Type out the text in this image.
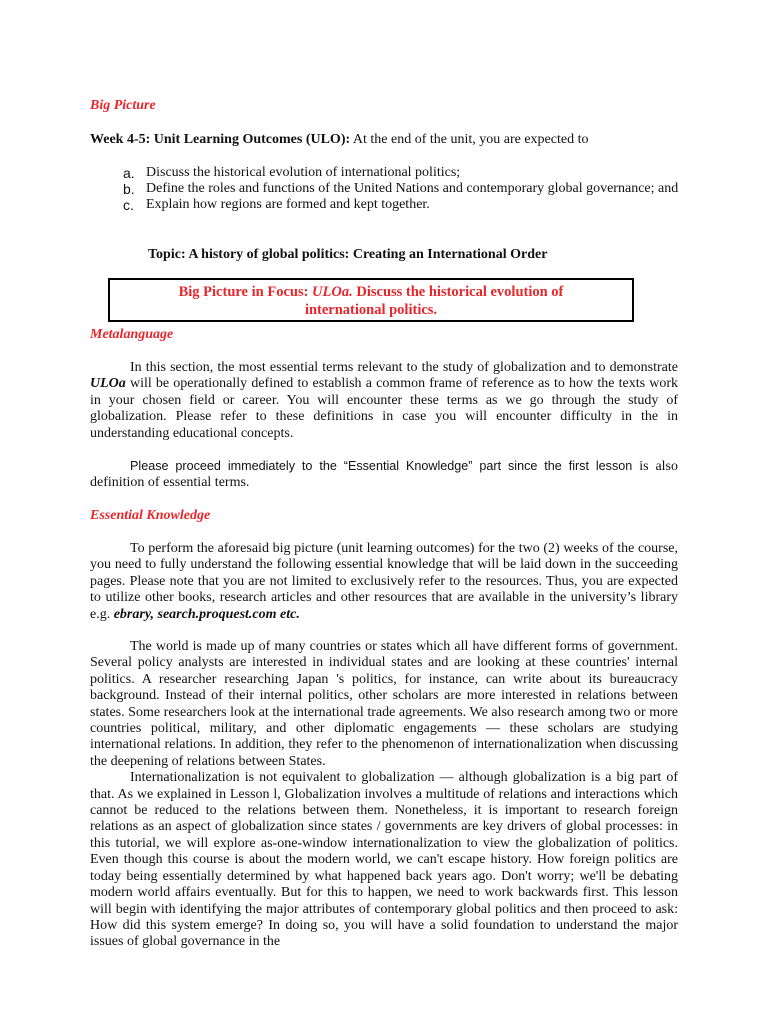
Big Picture
Week 4-5: Unit Learning Outcomes (ULO): At the end of the unit, you are expected to
a. Discuss the historical evolution of international politics;
b. Define the roles and functions of the United Nations and contemporary global governance; and
c. Explain how regions are formed and kept together.
Topic: A history of global politics: Creating an International Order
Big Picture in Focus: ULOa. Discuss the historical evolution of
international politics.
Metalanguage

In this section, the most essential terms relevant to the study of globalization and to demonstrate ULOa will be operationally defined to establish a common frame of reference as to how the texts work in your chosen field or career. You will encounter these terms as we go through the study of globalization. Please refer to these definitions in case you will encounter difficulty in the in understanding educational concepts.

Please proceed immediately to the “Essential Knowledge” part since the first lesson is also definition of essential terms.

Essential Knowledge

To perform the aforesaid big picture (unit learning outcomes) for the two (2) weeks of the course, you need to fully understand the following essential knowledge that will be laid down in the succeeding pages. Please note that you are not limited to exclusively refer to the resources. Thus, you are expected to utilize other books, research articles and other resources that are available in the university’s library e.g. ebrary, search.proquest.com etc.

The world is made up of many countries or states which all have different forms of government. Several policy analysts are interested in individual states and are looking at these countries' internal politics. A researcher researching Japan 's politics, for instance, can write about its bureaucracy background. Instead of their internal politics, other scholars are more interested in relations between states. Some researchers look at the international trade agreements. We also research among two or more countries political, military, and other diplomatic engagements — these scholars are studying international relations. In addition, they refer to the phenomenon of internationalization when discussing the deepening of relations between States.

Internationalization is not equivalent to globalization — although globalization is a big part of that. As we explained in Lesson l, Globalization involves a multitude of relations and interactions which cannot be reduced to the relations between them. Nonetheless, it is important to research foreign relations as an aspect of globalization since states / governments are key drivers of global processes: in this tutorial, we will explore as-one-window internationalization to view the globalization of politics. Even though this course is about the modern world, we can't escape history. How foreign politics are today being essentially determined by what happened back years ago. Don't worry; we'll be debating modern world affairs eventually. But for this to happen, we need to work backwards first. This lesson will begin with identifying the major attributes of contemporary global politics and then proceed to ask: How did this system emerge? In doing so, you will have a solid foundation to understand the major issues of global governance in the
